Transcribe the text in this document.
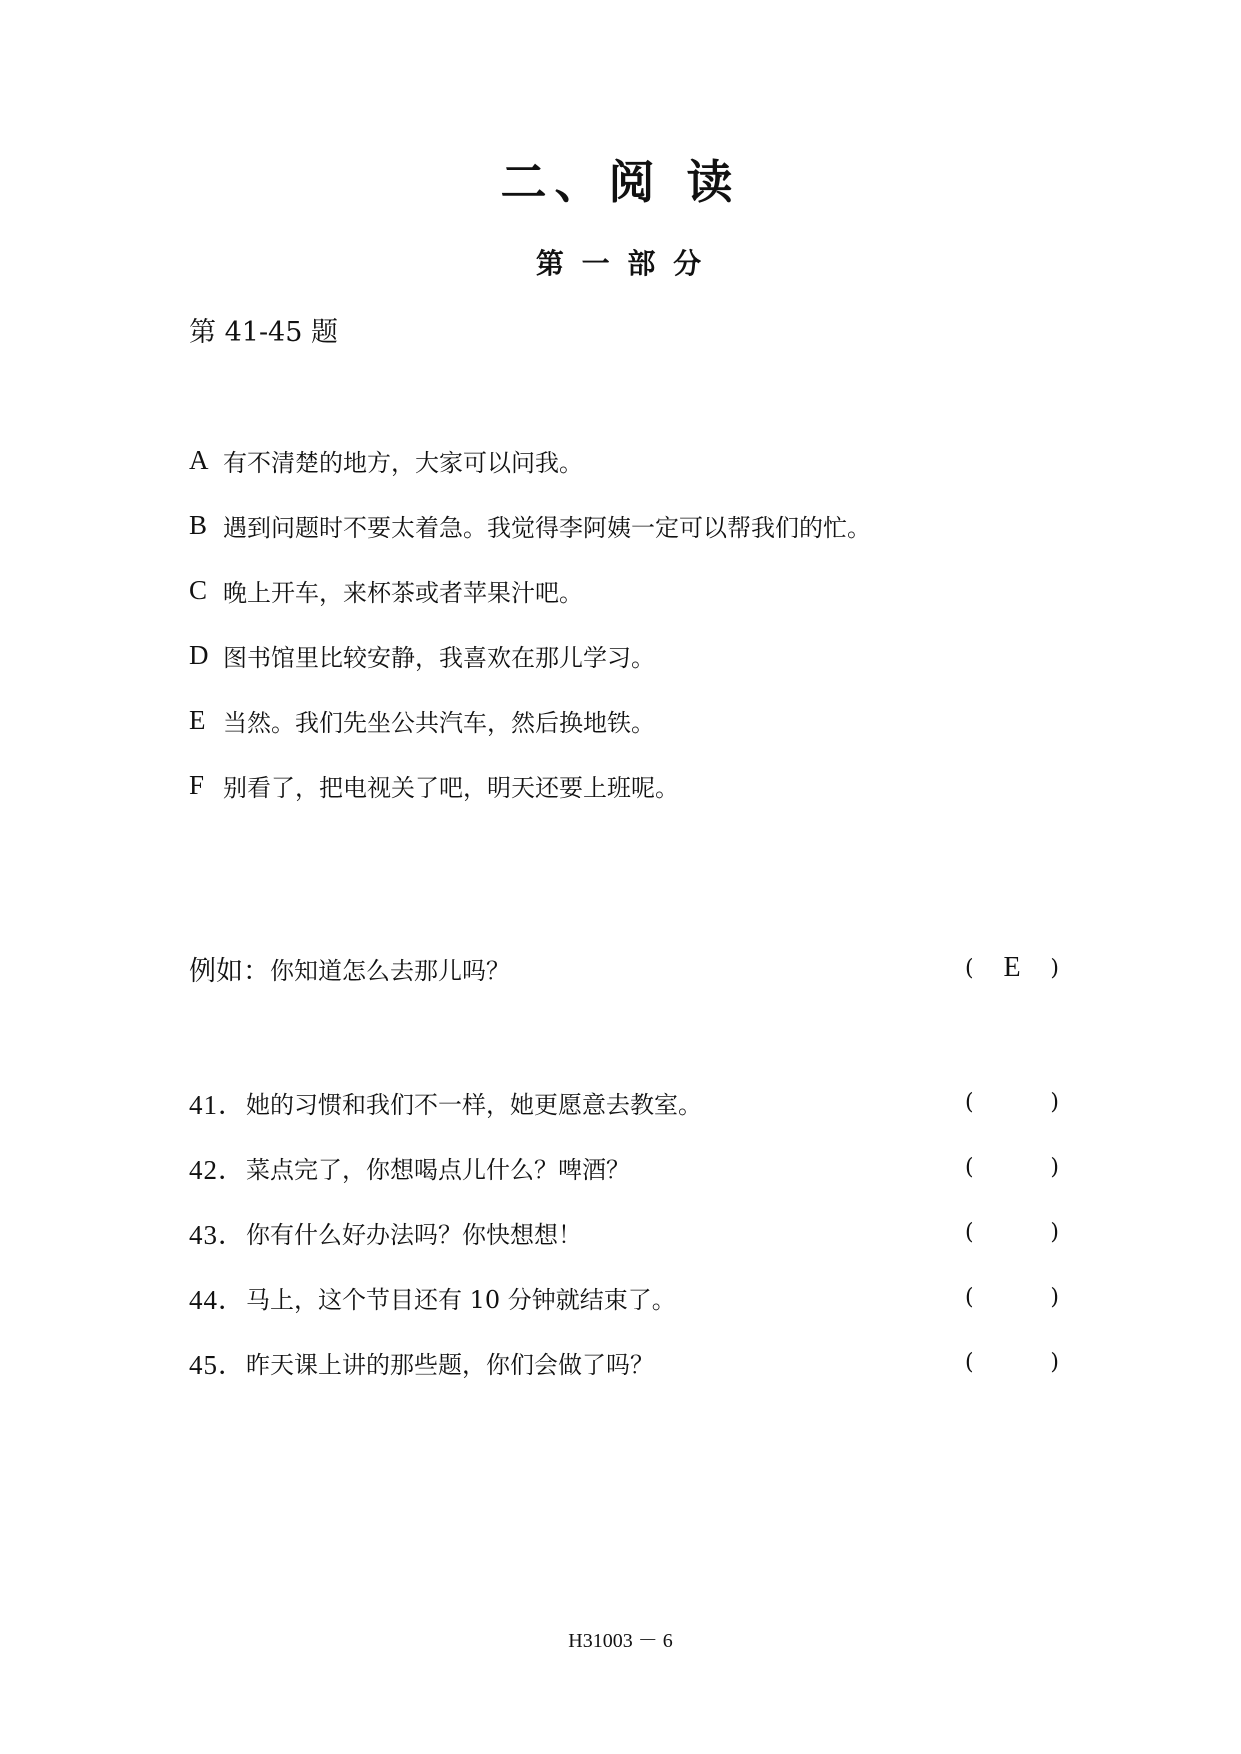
二、阅 读
第 一 部 分
第 41-45 题
A 有不清楚的地方，大家可以问我。
B 遇到问题时不要太着急。我觉得李阿姨一定可以帮我们的忙。
C 晚上开车，来杯茶或者苹果汁吧。
D 图书馆里比较安静，我喜欢在那儿学习。
E 当然。我们先坐公共汽车，然后换地铁。
F 别看了，把电视关了吧，明天还要上班呢。
例如： 你知道怎么去那儿吗？	( E )
41． 她的习惯和我们不一样，她更愿意去教室。	(	)
42． 菜点完了，你想喝点儿什么？啤酒？	(	)
43． 你有什么好办法吗？你快想想！	(	)
44． 马上，这个节目还有 10 分钟就结束了。	(	)
45． 昨天课上讲的那些题，你们会做了吗？	(	)
H31003 － 6
